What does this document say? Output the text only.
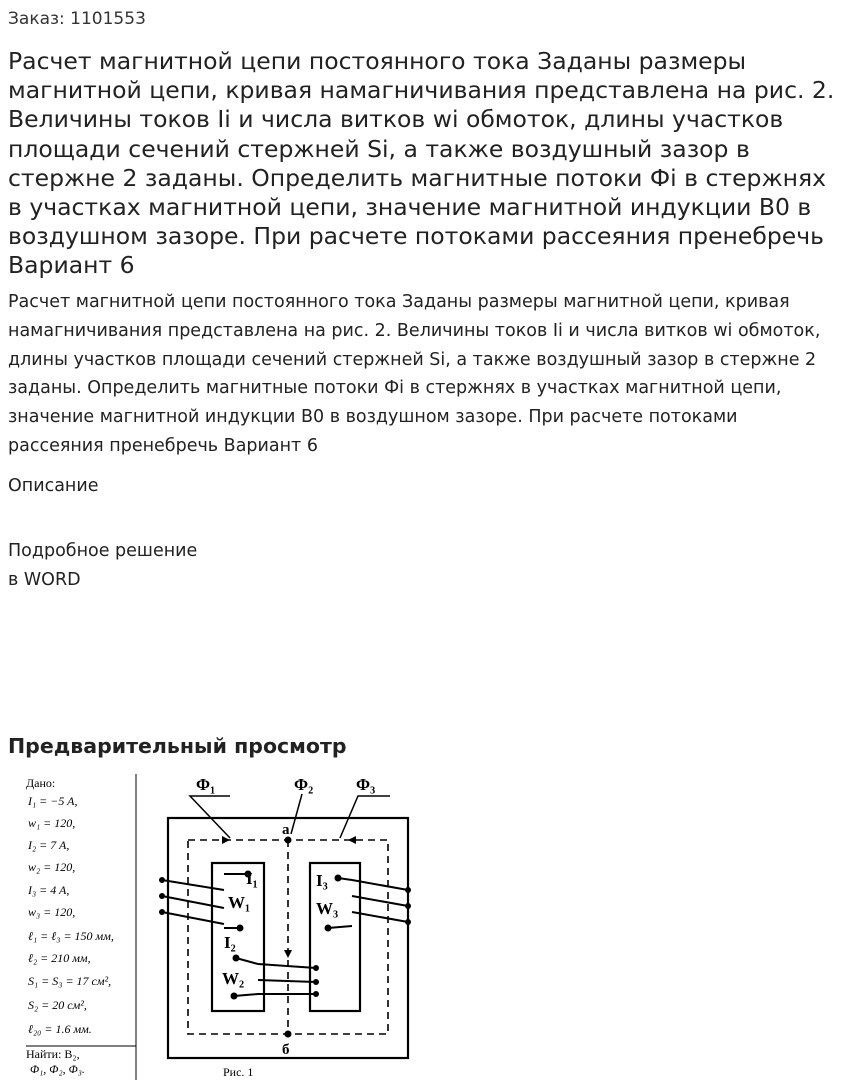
Заказ: 1101553
Расчет магнитной цепи постоянного тока Заданы размеры магнитной цепи, кривая намагничивания представлена на рис. 2. Величины токов Ii и числа витков wi обмоток, длины участков площади сечений стержней Si, а также воздушный зазор в стержне 2 заданы. Определить магнитные потоки Фi в стержнях в участках магнитной цепи, значение магнитной индукции B0 в воздушном зазоре. При расчете потоками рассеяния пренебречь Вариант 6

Расчет магнитной цепи постоянного тока Заданы размеры магнитной цепи, кривая намагничивания представлена на рис. 2. Величины токов Ii и числа витков wi обмоток, длины участков площади сечений стержней Si, а также воздушный зазор в стержне 2 заданы. Определить магнитные потоки Фi в стержнях в участках магнитной цепи, значение магнитной индукции B0 в воздушном зазоре. При расчете потоками рассеяния пренебречь Вариант 6

Описание
Подробное решение
в WORD
Предварительный просмотр
Дано:
I₁ = −5 A,
w₁ = 120,
I₂ = 7 A,
w₂ = 120,
I₃ = 4 A,
w₃ = 120,
ℓ₁ = ℓ₃ = 150 мм,
ℓ₂ = 210 мм,
S₁ = S₃ = 17 см²,
S₂ = 20 см²,
ℓ₂₀ = 1.6 мм.
Найти: B₂,
Φ₁, Φ₂, Φ₃.	Рис. 1
Φ₁	Φ₂	Φ₃
а
б
I₁
W₁
I₂
W₂
I₃
W₃
